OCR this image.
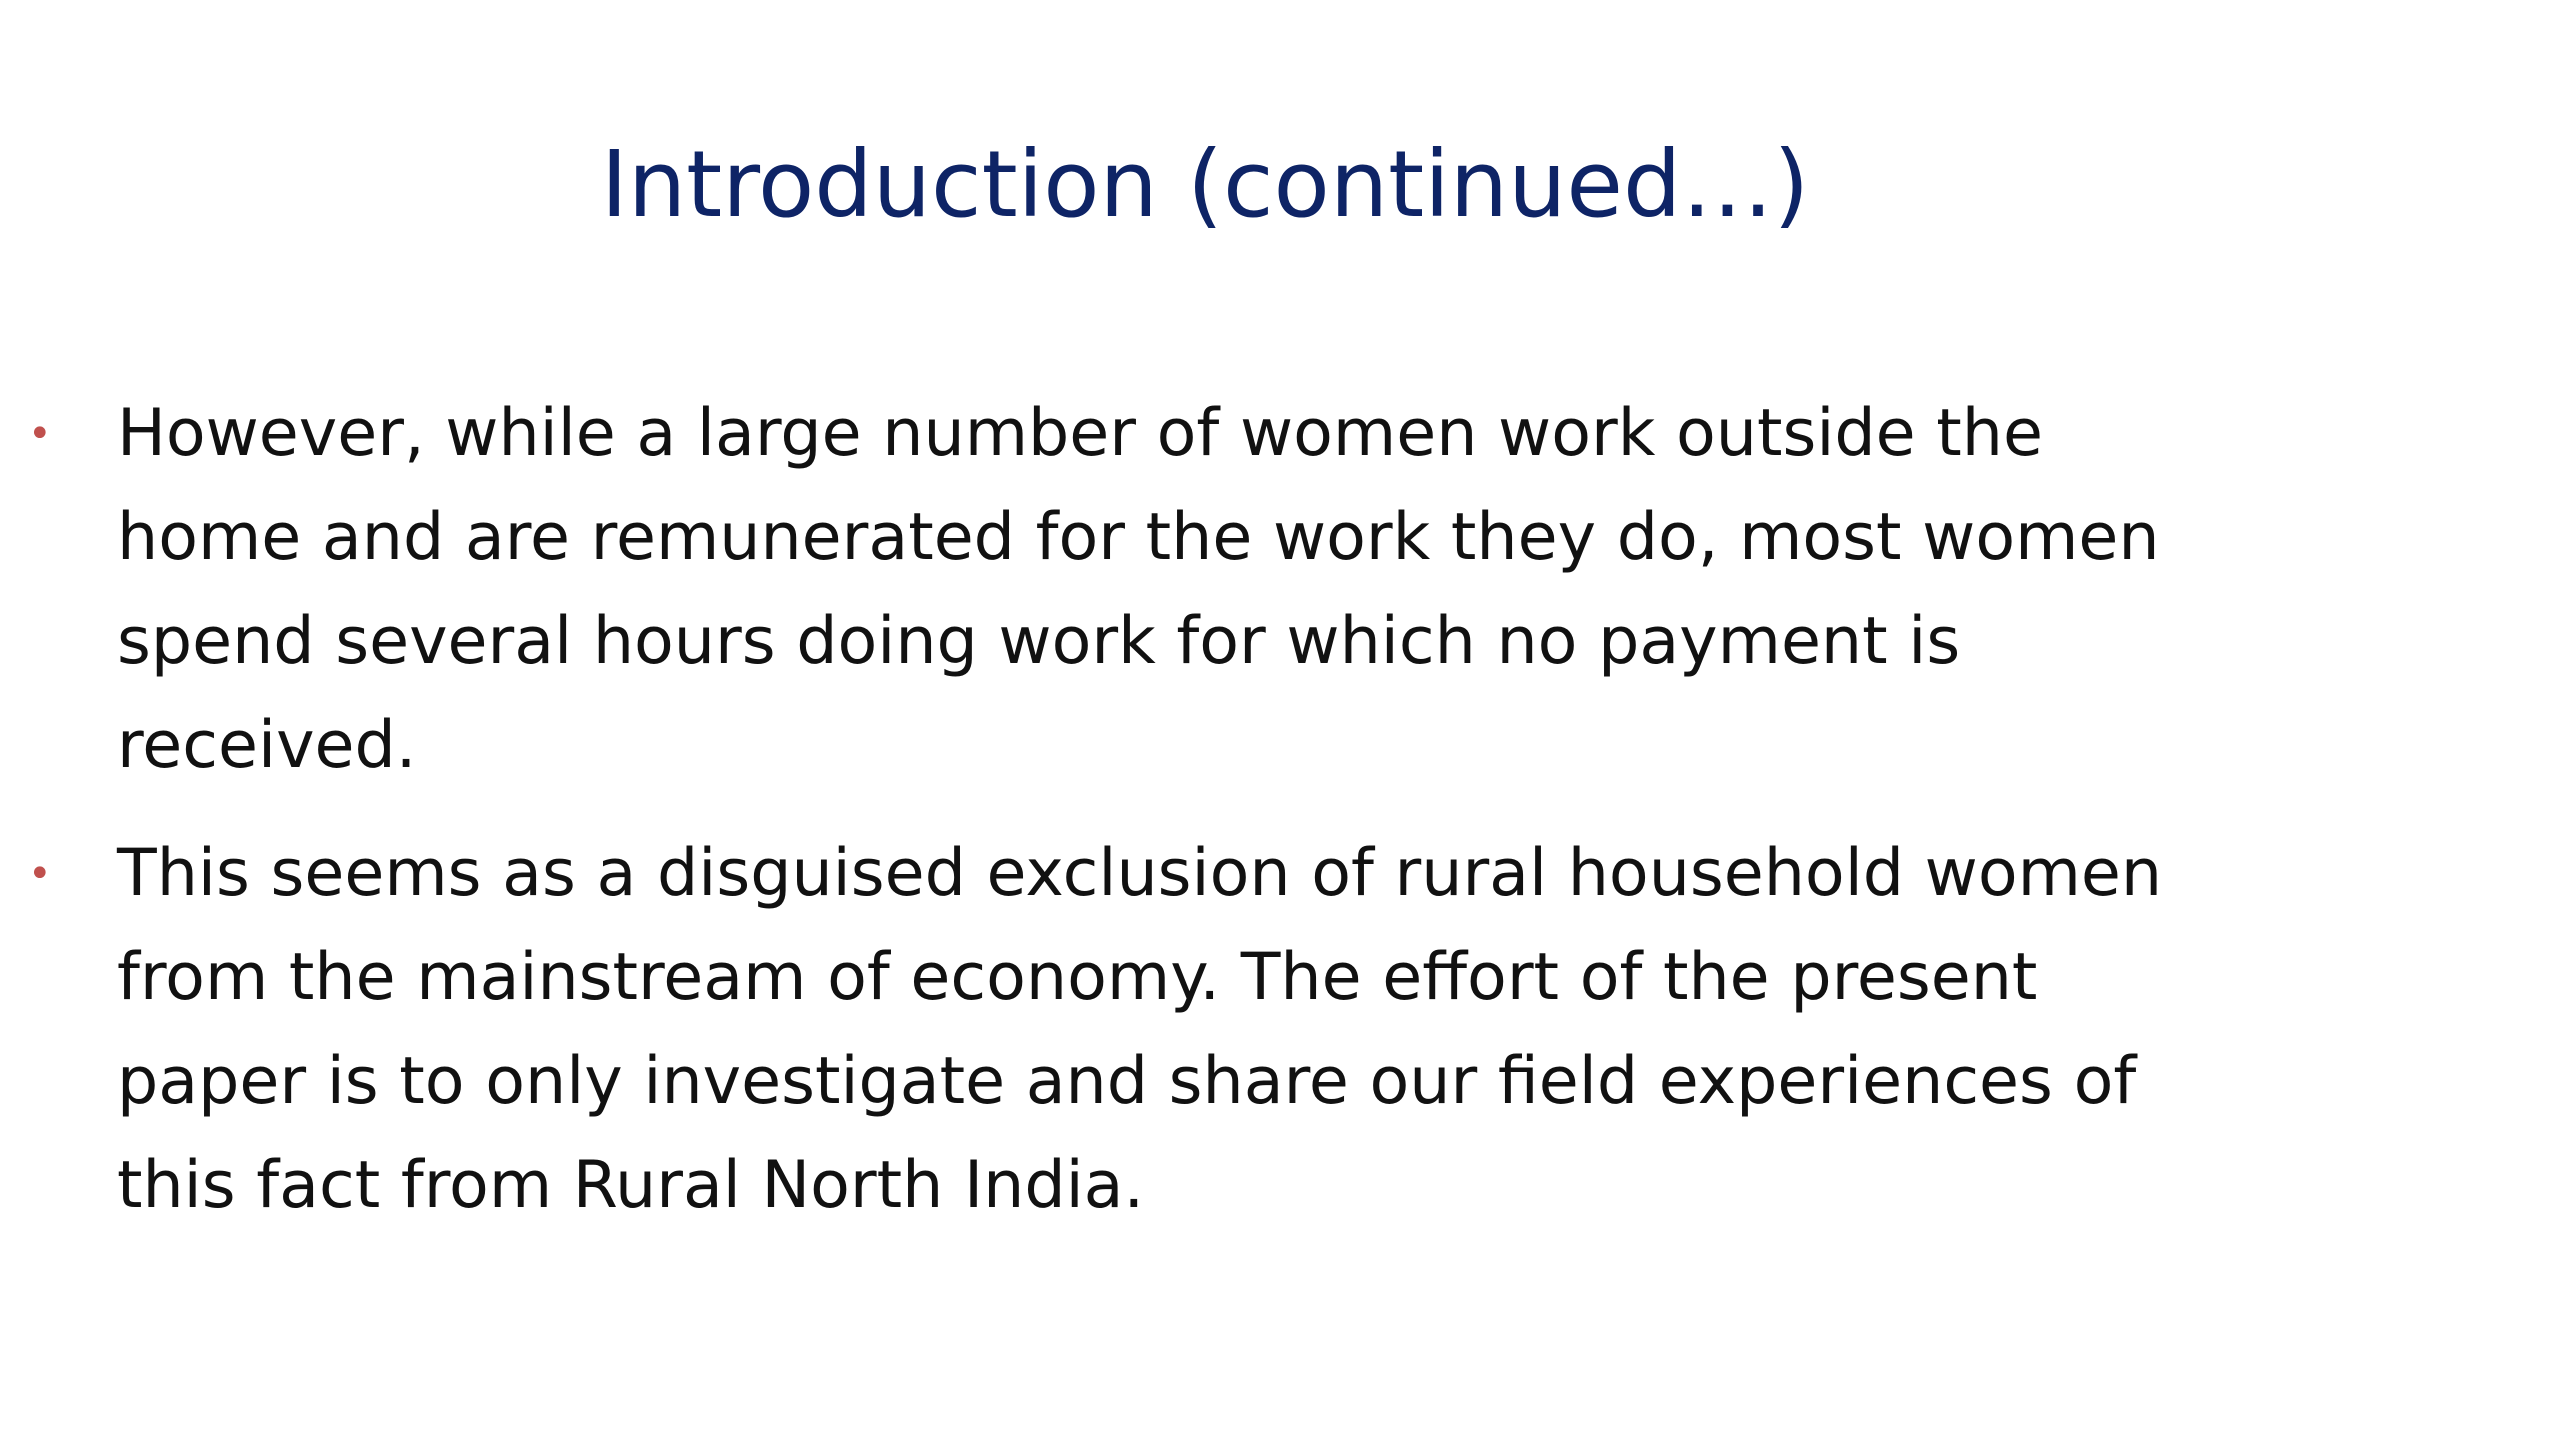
Introduction (continued…)
• However, while a large number of women work outside the home and are remunerated for the work they do, most women spend several hours doing work for which no payment is received.
• This seems as a disguised exclusion of rural household women from the mainstream of economy. The effort of the present paper is to only investigate and share our field experiences of this fact from Rural North India.
